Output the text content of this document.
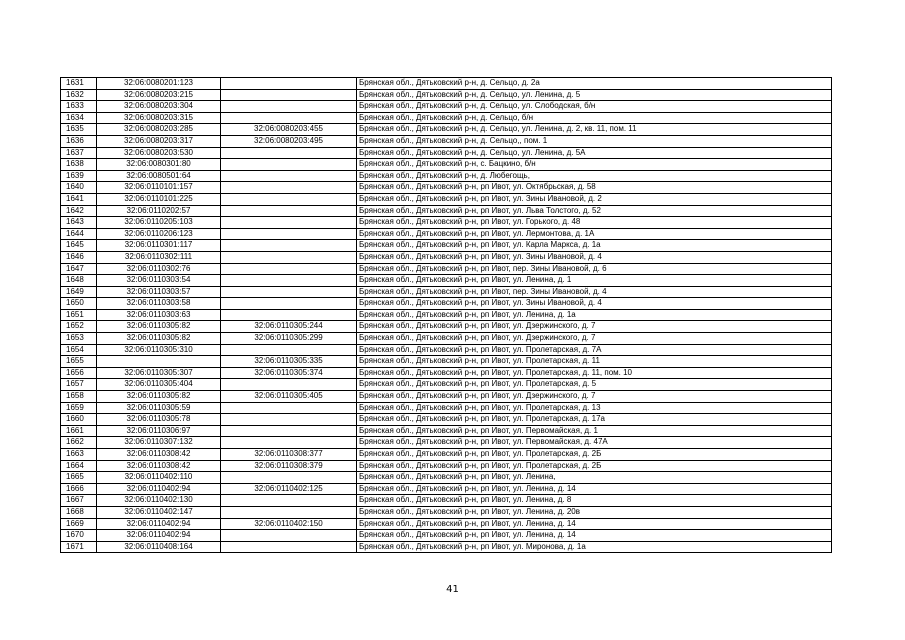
1631	32:06:0080201:123		Брянская обл., Дятьковский р-н, д. Сельцо, д. 2а
1632	32:06:0080203:215		Брянская обл., Дятьковский р-н, д. Сельцо, ул. Ленина, д. 5
1633	32:06:0080203:304		Брянская обл., Дятьковский р-н, д. Сельцо, ул. Слободская, б/н
1634	32:06:0080203:315		Брянская обл., Дятьковский р-н, д. Сельцо, б/н
1635	32:06:0080203:285	32:06:0080203:455	Брянская обл., Дятьковский р-н, д. Сельцо, ул. Ленина, д. 2, кв. 11, пом. 11
1636	32:06:0080203:317	32:06:0080203:495	Брянская обл., Дятьковский р-н, д. Сельцо,, пом. 1
1637	32:06:0080203:530		Брянская обл., Дятьковский р-н, д. Сельцо, ул. Ленина, д. 5А
1638	32:06:0080301:80		Брянская обл., Дятьковский р-н, с. Бацкино, б/н
1639	32:06:0080501:64		Брянская обл., Дятьковский р-н, д. Любегощь,
1640	32:06:0110101:157		Брянская обл., Дятьковский р-н, рп Ивот, ул. Октябрьская, д. 58
1641	32:06:0110101:225		Брянская обл., Дятьковский р-н, рп Ивот, ул. Зины Ивановой, д. 2
1642	32:06:0110202:57		Брянская обл., Дятьковский р-н, рп Ивот, ул. Льва Толстого, д. 52
1643	32:06:0110205:103		Брянская обл., Дятьковский р-н, рп Ивот, ул. Горького, д. 48
1644	32:06:0110206:123		Брянская обл., Дятьковский р-н, рп Ивот, ул. Лермонтова, д. 1А
1645	32:06:0110301:117		Брянская обл., Дятьковский р-н, рп Ивот, ул. Карла Маркса, д. 1а
1646	32:06:0110302:111		Брянская обл., Дятьковский р-н, рп Ивот, ул. Зины Ивановой, д. 4
1647	32:06:0110302:76		Брянская обл., Дятьковский р-н, рп Ивот, пер. Зины Ивановой, д. 6
1648	32:06:0110303:54		Брянская обл., Дятьковский р-н, рп Ивот, ул. Ленина, д. 1
1649	32:06:0110303:57		Брянская обл., Дятьковский р-н, рп Ивот, пер. Зины Ивановой, д. 4
1650	32:06:0110303:58		Брянская обл., Дятьковский р-н, рп Ивот, ул. Зины Ивановой, д. 4
1651	32:06:0110303:63		Брянская обл., Дятьковский р-н, рп Ивот, ул. Ленина, д. 1а
1652	32:06:0110305:82	32:06:0110305:244	Брянская обл., Дятьковский р-н, рп Ивот, ул. Дзержинского, д. 7
1653	32:06:0110305:82	32:06:0110305:299	Брянская обл., Дятьковский р-н, рп Ивот, ул. Дзержинского, д. 7
1654	32:06:0110305:310		Брянская обл., Дятьковский р-н, рп Ивот, ул. Пролетарская, д. 7А
1655		32:06:0110305:335	Брянская обл., Дятьковский р-н, рп Ивот, ул. Пролетарская, д. 11
1656	32:06:0110305:307	32:06:0110305:374	Брянская обл., Дятьковский р-н, рп Ивот, ул. Пролетарская, д. 11, пом. 10
1657	32:06:0110305:404		Брянская обл., Дятьковский р-н, рп Ивот, ул. Пролетарская, д. 5
1658	32:06:0110305:82	32:06:0110305:405	Брянская обл., Дятьковский р-н, рп Ивот, ул. Дзержинского, д. 7
1659	32:06:0110305:59		Брянская обл., Дятьковский р-н, рп Ивот, ул. Пролетарская, д. 13
1660	32:06:0110305:78		Брянская обл., Дятьковский р-н, рп Ивот, ул. Пролетарская, д. 17а
1661	32:06:0110306:97		Брянская обл., Дятьковский р-н, рп Ивот, ул. Первомайская, д. 1
1662	32:06:0110307:132		Брянская обл., Дятьковский р-н, рп Ивот, ул. Первомайская, д. 47А
1663	32:06:0110308:42	32:06:0110308:377	Брянская обл., Дятьковский р-н, рп Ивот, ул. Пролетарская, д. 2Б
1664	32:06:0110308:42	32:06:0110308:379	Брянская обл., Дятьковский р-н, рп Ивот, ул. Пролетарская, д. 2Б
1665	32:06:0110402:110		Брянская обл., Дятьковский р-н, рп Ивот, ул. Ленина,
1666	32:06:0110402:94	32:06:0110402:125	Брянская обл., Дятьковский р-н, рп Ивот, ул. Ленина, д. 14
1667	32:06:0110402:130		Брянская обл., Дятьковский р-н, рп Ивот, ул. Ленина, д. 8
1668	32:06:0110402:147		Брянская обл., Дятьковский р-н, рп Ивот, ул. Ленина, д. 20в
1669	32:06:0110402:94	32:06:0110402:150	Брянская обл., Дятьковский р-н, рп Ивот, ул. Ленина, д. 14
1670	32:06:0110402:94		Брянская обл., Дятьковский р-н, рп Ивот, ул. Ленина, д. 14
1671	32:06:0110408:164		Брянская обл., Дятьковский р-н, рп Ивот, ул. Миронова, д. 1а
41
